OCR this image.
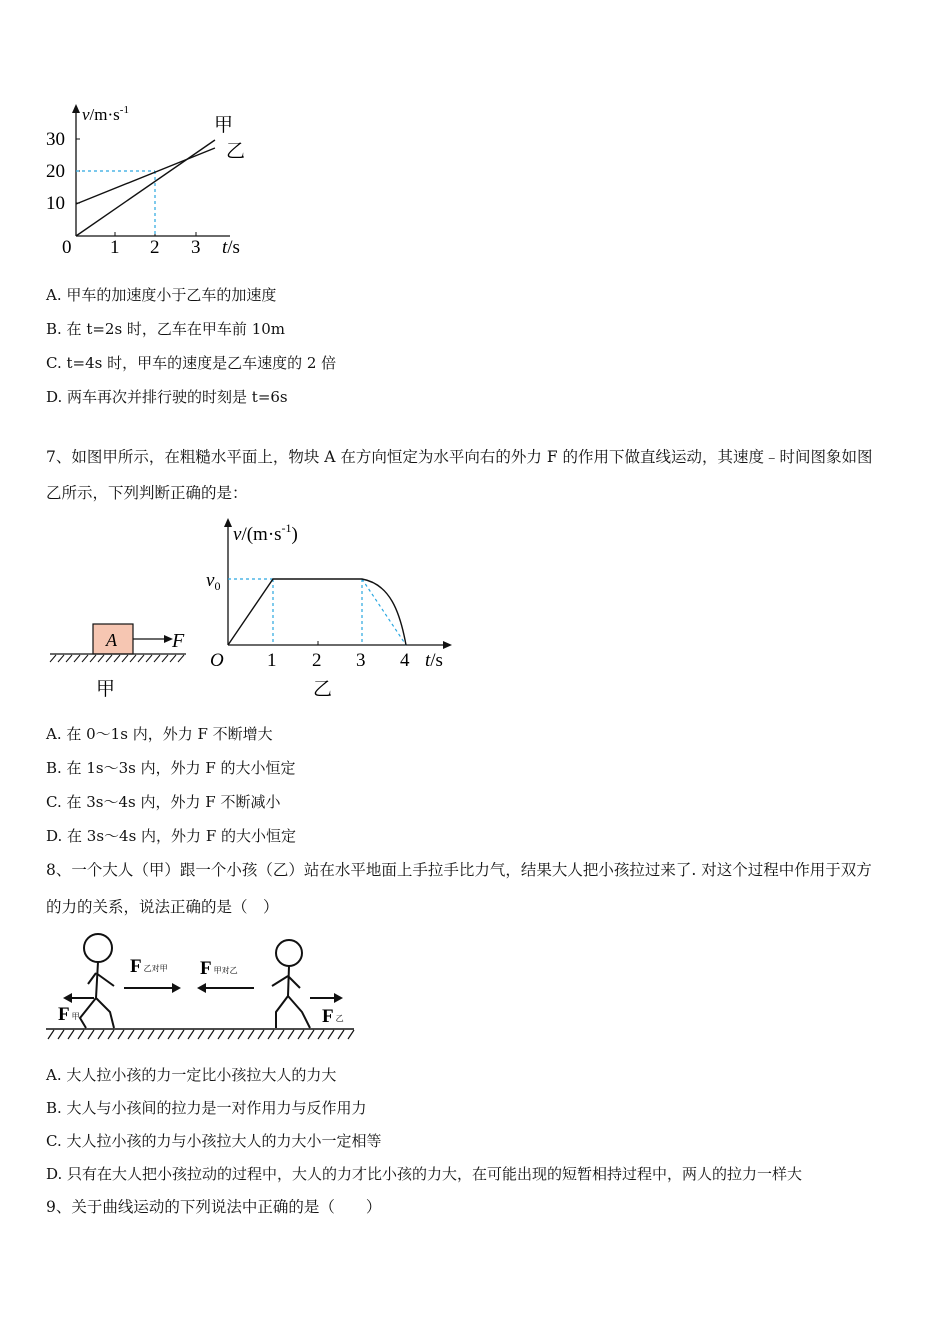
$v/m\cdot s^{-1}$
30
20
10
0 1 2 3 t/s
甲
乙
A. 甲车的加速度小于乙车的加速度
B. 在 t=2s 时，乙车在甲车前 10m
C. t=4s 时，甲车的速度是乙车速度的 2 倍
D. 两车再次并排行驶的时刻是 t=6s
7、如图甲所示，在粗糙水平面上，物块 A 在方向恒定为水平向右的外力 F 的作用下做直线运动，其速度﹣时间图象如图
乙所示，下列判断正确的是：
A	F
甲
$v/(m\cdot s^{-1})$
$v_0$
O 1 2 3 4 t/s
乙
A. 在 0～1s 内，外力 F 不断增大
B. 在 1s～3s 内，外力 F 的大小恒定
C. 在 3s～4s 内，外力 F 不断减小
D. 在 3s～4s 内，外力 F 的大小恒定
8、一个大人（甲）跟一个小孩（乙）站在水平地面上手拉手比力气，结果大人把小孩拉过来了. 对这个过程中作用于双方
的力的关系，说法正确的是（　）
F乙对甲 F甲对乙
F甲	F乙
A. 大人拉小孩的力一定比小孩拉大人的力大
B. 大人与小孩间的拉力是一对作用力与反作用力
C. 大人拉小孩的力与小孩拉大人的力大小一定相等
D. 只有在大人把小孩拉动的过程中，大人的力才比小孩的力大，在可能出现的短暂相持过程中，两人的拉力一样大
9、关于曲线运动的下列说法中正确的是（　　）
